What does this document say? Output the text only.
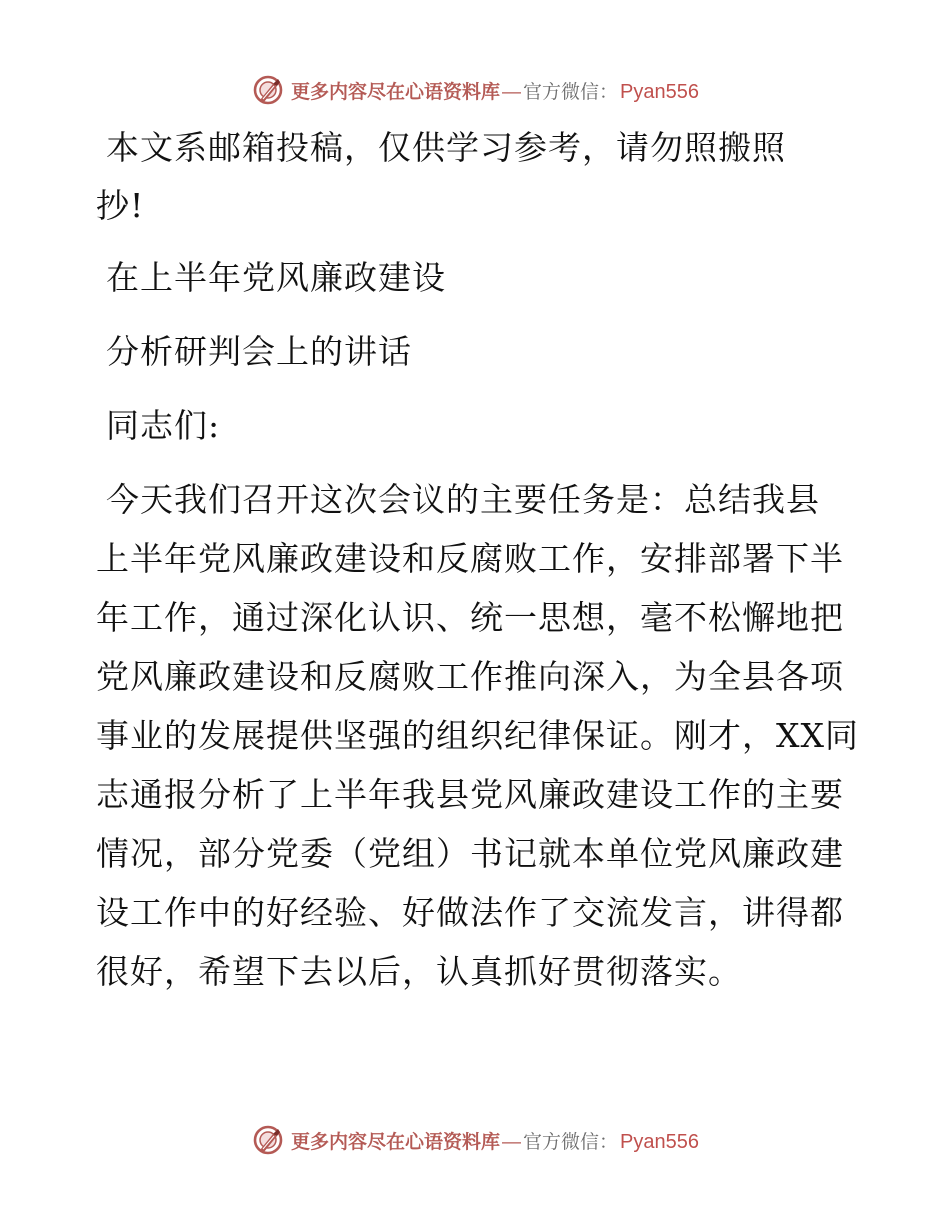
更多内容尽在心语资料库 — 官方微信 ： Pyan556

本文系邮箱投稿，仅供学习参考，请勿照搬照

抄!

在上半年党风廉政建设

分析研判会上的讲话

同志们:

今天我们召开这次会议的主要任务是：总结我县

上半年党风廉政建设和反腐败工作，安排部署下半

年工作，通过深化认识、统一思想，毫不松懈地把

党风廉政建设和反腐败工作推向深入，为全县各项

事业的发展提供坚强的组织纪律保证。刚才，XX同

志通报分析了上半年我县党风廉政建设工作的主要

情况，部分党委（党组）书记就本单位党风廉政建

设工作中的好经验、好做法作了交流发言，讲得都

很好，希望下去以后，认真抓好贯彻落实。

更多内容尽在心语资料库 — 官方微信 ： Pyan556
